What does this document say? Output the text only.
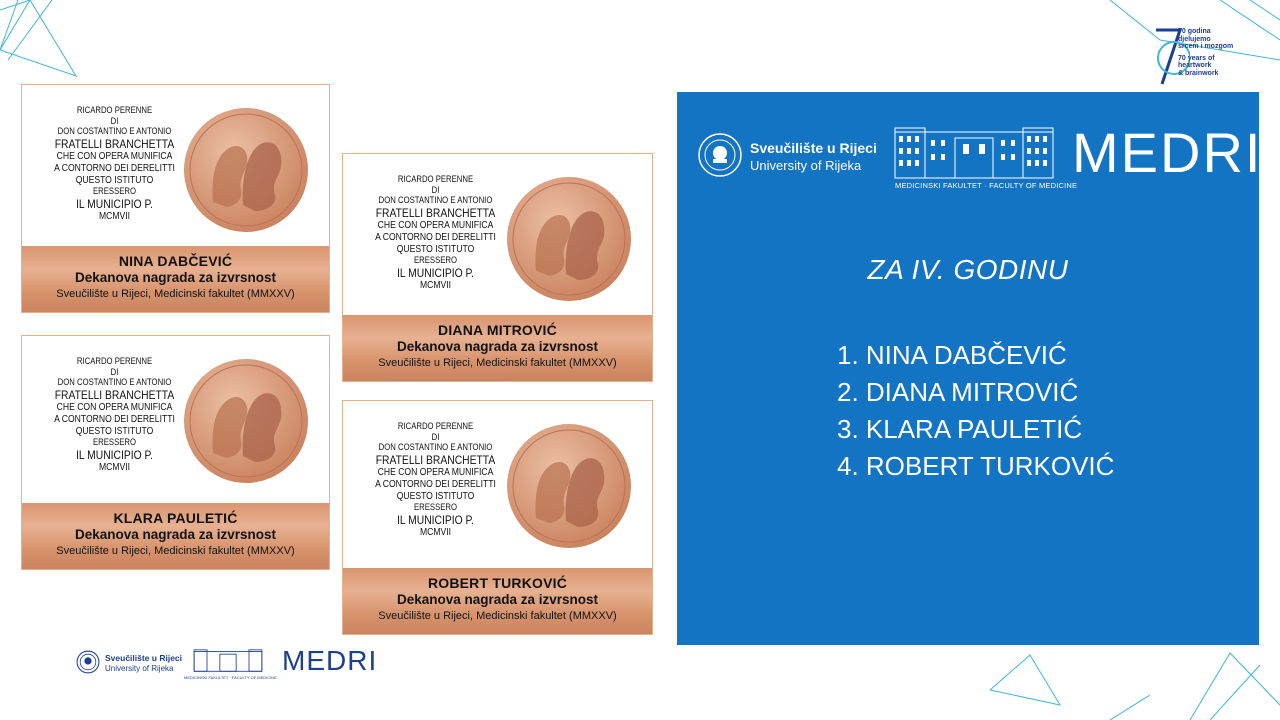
70 godina
djelujemo
srcem i mozgom
70 years of
heartwork
& brainwork
RICARDO PERENNE
DI
DON COSTANTINO E ANTONIO
FRATELLI BRANCHETTA
CHE CON OPERA MUNIFICA
A CONTORNO DEI DERELITTI
QUESTO ISTITUTO
ERESSERO
IL MUNICIPIO P.
MCMVII
NINA DABČEVIĆ
Dekanova nagrada za izvrsnost
Sveučilište u Rijeci, Medicinski fakultet (MMXXV)
RICARDO PERENNE
DI
DON COSTANTINO E ANTONIO
FRATELLI BRANCHETTA
CHE CON OPERA MUNIFICA
A CONTORNO DEI DERELITTI
QUESTO ISTITUTO
ERESSERO
IL MUNICIPIO P.
MCMVII
DIANA MITROVIĆ
Dekanova nagrada za izvrsnost
Sveučilište u Rijeci, Medicinski fakultet (MMXXV)
RICARDO PERENNE
DI
DON COSTANTINO E ANTONIO
FRATELLI BRANCHETTA
CHE CON OPERA MUNIFICA
A CONTORNO DEI DERELITTI
QUESTO ISTITUTO
ERESSERO
IL MUNICIPIO P.
MCMVII
KLARA PAULETIĆ
Dekanova nagrada za izvrsnost
Sveučilište u Rijeci, Medicinski fakultet (MMXXV)
RICARDO PERENNE
DI
DON COSTANTINO E ANTONIO
FRATELLI BRANCHETTA
CHE CON OPERA MUNIFICA
A CONTORNO DEI DERELITTI
QUESTO ISTITUTO
ERESSERO
IL MUNICIPIO P.
MCMVII
ROBERT TURKOVIĆ
Dekanova nagrada za izvrsnost
Sveučilište u Rijeci, Medicinski fakultet (MMXXV)
Sveučilište u Rijeci
University of Rijeka
MEDICINSKI FAKULTET · FACULTY OF MEDICINE
MEDRI
ZA IV. GODINU
1. NINA DABČEVIĆ
2. DIANA MITROVIĆ
3. KLARA PAULETIĆ
4. ROBERT TURKOVIĆ
Sveučilište u Rijeci
University of Rijeka
MEDICINSKI FAKULTET · FACULTY OF MEDICINE
MEDRI
